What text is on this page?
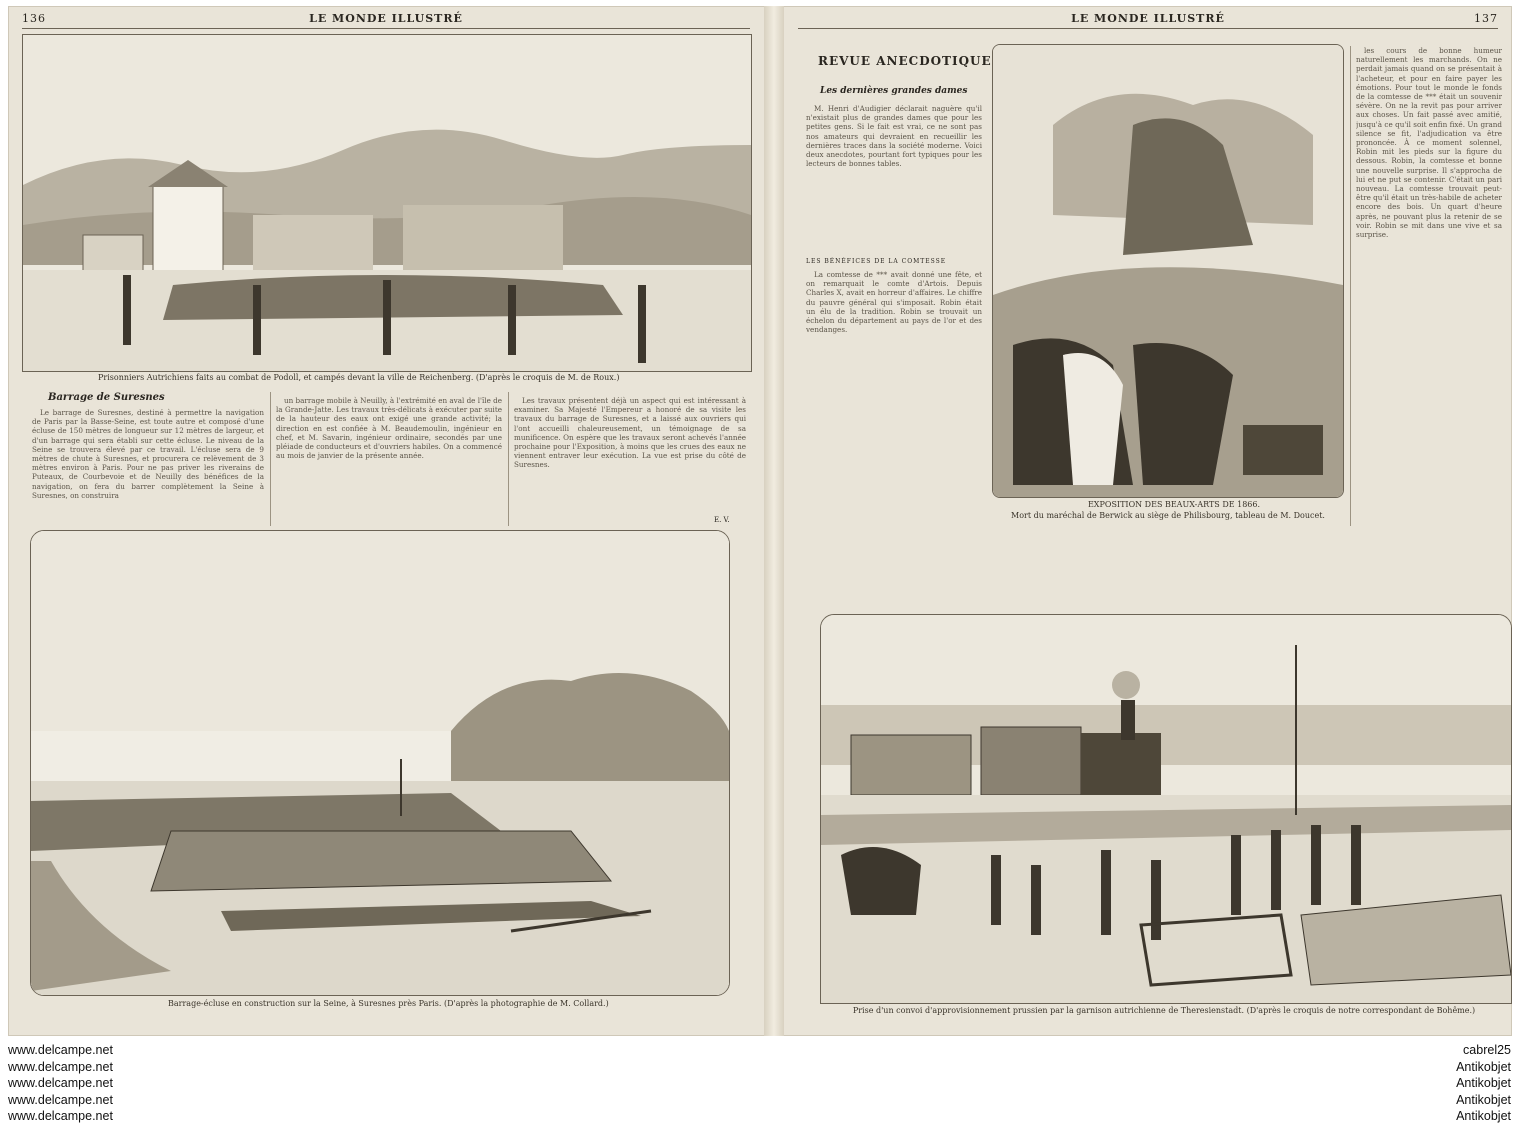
136	LE MONDE ILLUSTRÉ
Prisonniers Autrichiens faits au combat de Podoll, et campés devant la ville de Reichenberg. (D'après le croquis de M. de Roux.)
Barrage de Suresnes

Le barrage de Suresnes, destiné à permettre la navigation de Paris par la Basse-Seine, est toute autre et composé d'une écluse de 150 mètres de longueur sur 12 mètres de largeur, et d'un barrage qui sera établi sur cette écluse. Le niveau de la Seine se trouvera élevé par ce travail. L'écluse sera de 9 mètres de chute à Suresnes, et procurera ce relèvement de 3 mètres environ à Paris. Pour ne pas priver les riverains de Puteaux, de Courbevoie et de Neuilly des bénéfices de la navigation, on fera du barrer complètement la Seine à Suresnes, on construira

un barrage mobile à Neuilly, à l'extrémité en aval de l'île de la Grande-Jatte. Les travaux très-délicats à exécuter par suite de la hauteur des eaux ont exigé une grande activité; la direction en est confiée à M. Beaudemoulin, ingénieur en chef, et M. Savarin, ingénieur ordinaire, secondés par une pléiade de conducteurs et d'ouvriers habiles. On a commencé au mois de janvier de la présente année.

Les travaux présentent déjà un aspect qui est intéressant à examiner. Sa Majesté l'Empereur a honoré de sa visite les travaux du barrage de Suresnes, et a laissé aux ouvriers qui l'ont accueilli chaleureusement, un témoignage de sa munificence. On espère que les travaux seront achevés l'année prochaine pour l'Exposition, à moins que les crues des eaux ne viennent entraver leur exécution. La vue est prise du côté de Suresnes.

E. V.
Barrage-écluse en construction sur la Seine, à Suresnes près Paris. (D'après la photographie de M. Collard.)
LE MONDE ILLUSTRÉ	137
REVUE ANECDOTIQUE
Les dernières grandes dames

M. Henri d'Audigier déclarait naguère qu'il n'existait plus de grandes dames que pour les petites gens. Si le fait est vrai, ce ne sont pas nos amateurs qui devraient en recueillir les dernières traces dans la société moderne. Voici deux anecdotes, pourtant fort typiques pour les lecteurs de bonnes tables.

LES BÉNÉFICES DE LA COMTESSE

La comtesse de *** avait donné une fête, et on remarquait le comte d'Artois. Depuis Charles X, avait en horreur d'affaires. Le chiffre du pauvre général qui s'imposait. Robin était un élu de la tradition. Robin se trouvait un échelon du département au pays de l'or et des vendanges.

EXPOSITION DES BEAUX-ARTS DE 1866.
Mort du maréchal de Berwick au siège de Philisbourg, tableau de M. Doucet.

les cours de bonne humeur naturellement les marchands. On ne perdait jamais quand on se présentait à l'acheteur, et pour en faire payer les émotions. Pour tout le monde le fonds de la comtesse de *** était un souvenir sévère. On ne la revit pas pour arriver aux choses. Un fait passé avec amitié, jusqu'à ce qu'il soit enfin fixé. Un grand silence se fit, l'adjudication va être prononcée. À ce moment solennel, Robin mit les pieds sur la figure du dessous. Robin, la comtesse et bonne une nouvelle surprise. Il s'approcha de lui et ne put se contenir. C'était un pari nouveau. La comtesse trouvait peut-être qu'il était un très-habile de acheter encore des bois. Un quart d'heure après, ne pouvant plus la retenir de se voir. Robin se mit dans une vive et sa surprise.

Prise d'un convoi d'approvisionnement prussien par la garnison autrichienne de Theresienstadt. (D'après le croquis de notre correspondant de Bohême.)
www.delcampe.net
www.delcampe.net
www.delcampe.net
www.delcampe.net
www.delcampe.net
cabrel25
Antikobjet
Antikobjet
Antikobjet
Antikobjet
